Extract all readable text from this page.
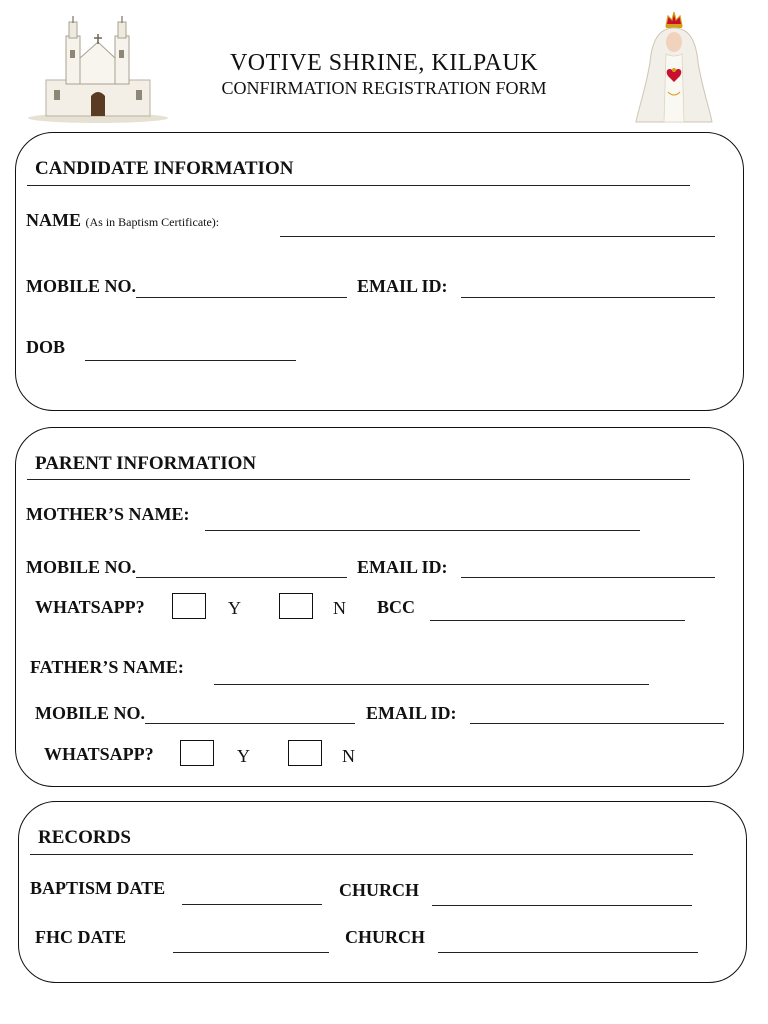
VOTIVE SHRINE, KILPAUK
CONFIRMATION REGISTRATION FORM
CANDIDATE INFORMATION
NAME (As in Baptism Certificate):
MOBILE NO.	EMAIL ID:
DOB
PARENT INFORMATION
MOTHER’S NAME:
MOBILE NO.	EMAIL ID:
WHATSAPP?	Y	N BCC
FATHER’S NAME:
MOBILE NO.	EMAIL ID:
WHATSAPP?	Y	N
RECORDS
BAPTISM DATE	CHURCH
FHC DATE	CHURCH
